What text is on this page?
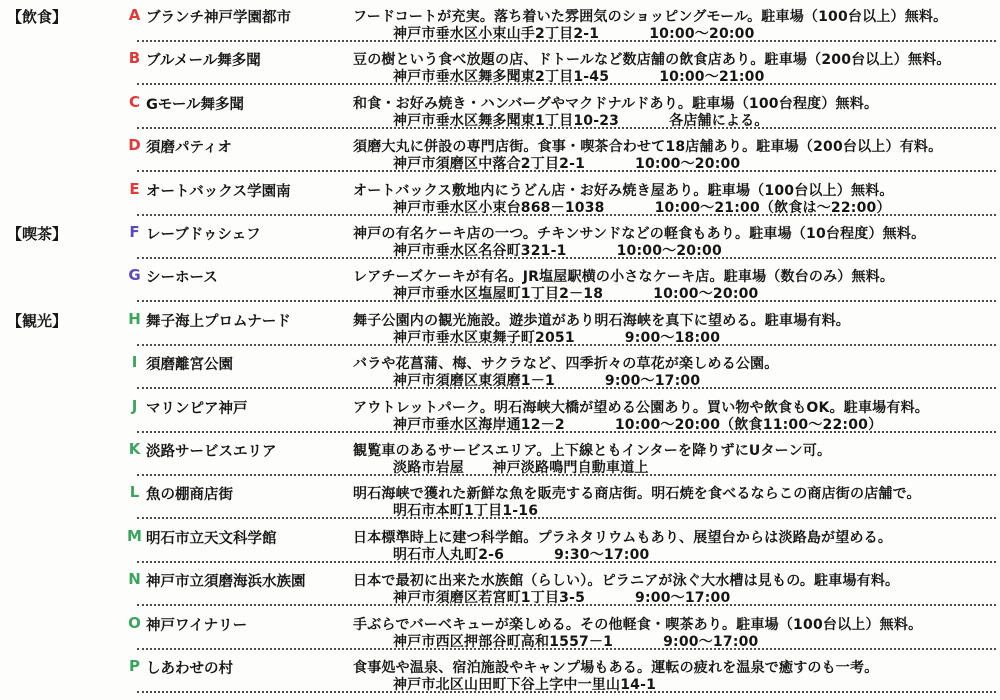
【飲食】	A ブランチ神戸学園都市	フードコートが充実。落ち着いた雰囲気のショッピングモール。駐車場（100台以上）無料。
神戸市垂水区小束山手2丁目2-1	10:00～20:00
B ブルメール舞多聞	豆の樹という食べ放題の店、ドトールなど数店舗の飲食店あり。駐車場（200台以上）無料。
神戸市垂水区舞多聞東2丁目1-45	10:00～21:00
C Gモール舞多聞	和食・お好み焼き・ハンバーグやマクドナルドあり。駐車場（100台程度）無料。
神戸市垂水区舞多聞東1丁目10-23	各店舗による。
D 須磨パティオ	須磨大丸に併設の専門店街。食事・喫茶合わせて18店舗あり。駐車場（200台以上）有料。
神戸市須磨区中落合2丁目2-1	10:00～20:00
E オートバックス学園南	オートバックス敷地内にうどん店・お好み焼き屋あり。駐車場（100台以上）無料。
神戸市垂水区小束台868－1038	10:00～21:00（飲食は～22:00）
【喫茶】	F レーブドゥシェフ	神戸の有名ケーキ店の一つ。チキンサンドなどの軽食もあり。駐車場（10台程度）無料。
神戸市垂水区名谷町321-1	10:00～20:00
G シーホース	レアチーズケーキが有名。JR塩屋駅横の小さなケーキ店。駐車場（数台のみ）無料。
神戸市垂水区塩屋町1丁目2－18	10:00～20:00
【観光】	H 舞子海上プロムナード	舞子公園内の観光施設。遊歩道があり明石海峡を真下に望める。駐車場有料。
神戸市垂水区東舞子町2051	9:00～18:00
I 須磨離宮公園	バラや花菖蒲、梅、サクラなど、四季折々の草花が楽しめる公園。
神戸市須磨区東須磨1－1	9:00～17:00
J マリンピア神戸	アウトレットパーク。明石海峡大橋が望める公園あり。買い物や飲食もOK。駐車場有料。
神戸市垂水区海岸通12－2	10:00～20:00（飲食11:00～22:00）
K 淡路サービスエリア	観覧車のあるサービスエリア。上下線ともインターを降りずにUターン可。
淡路市岩屋　　神戸淡路鳴門自動車道上
L 魚の棚商店街	明石海峡で獲れた新鮮な魚を販売する商店街。明石焼を食べるならこの商店街の店舗で。
明石市本町1丁目1-16
M 明石市立天文科学館	日本標準時上に建つ科学館。プラネタリウムもあり、展望台からは淡路島が望める。
明石市人丸町2-6	9:30～17:00
N 神戸市立須磨海浜水族園	日本で最初に出来た水族館（らしい）。ピラニアが泳ぐ大水槽は見もの。駐車場有料。
神戸市須磨区若宮町1丁目3-5	9:00～17:00
O 神戸ワイナリー	手ぶらでバーベキューが楽しめる。その他軽食・喫茶あり。駐車場（100台以上）無料。
神戸市西区押部谷町高和1557－1	9:00～17:00
P しあわせの村	食事処や温泉、宿泊施設やキャンプ場もある。運転の疲れを温泉で癒すのも一考。
神戸市北区山田町下谷上字中一里山14-1
